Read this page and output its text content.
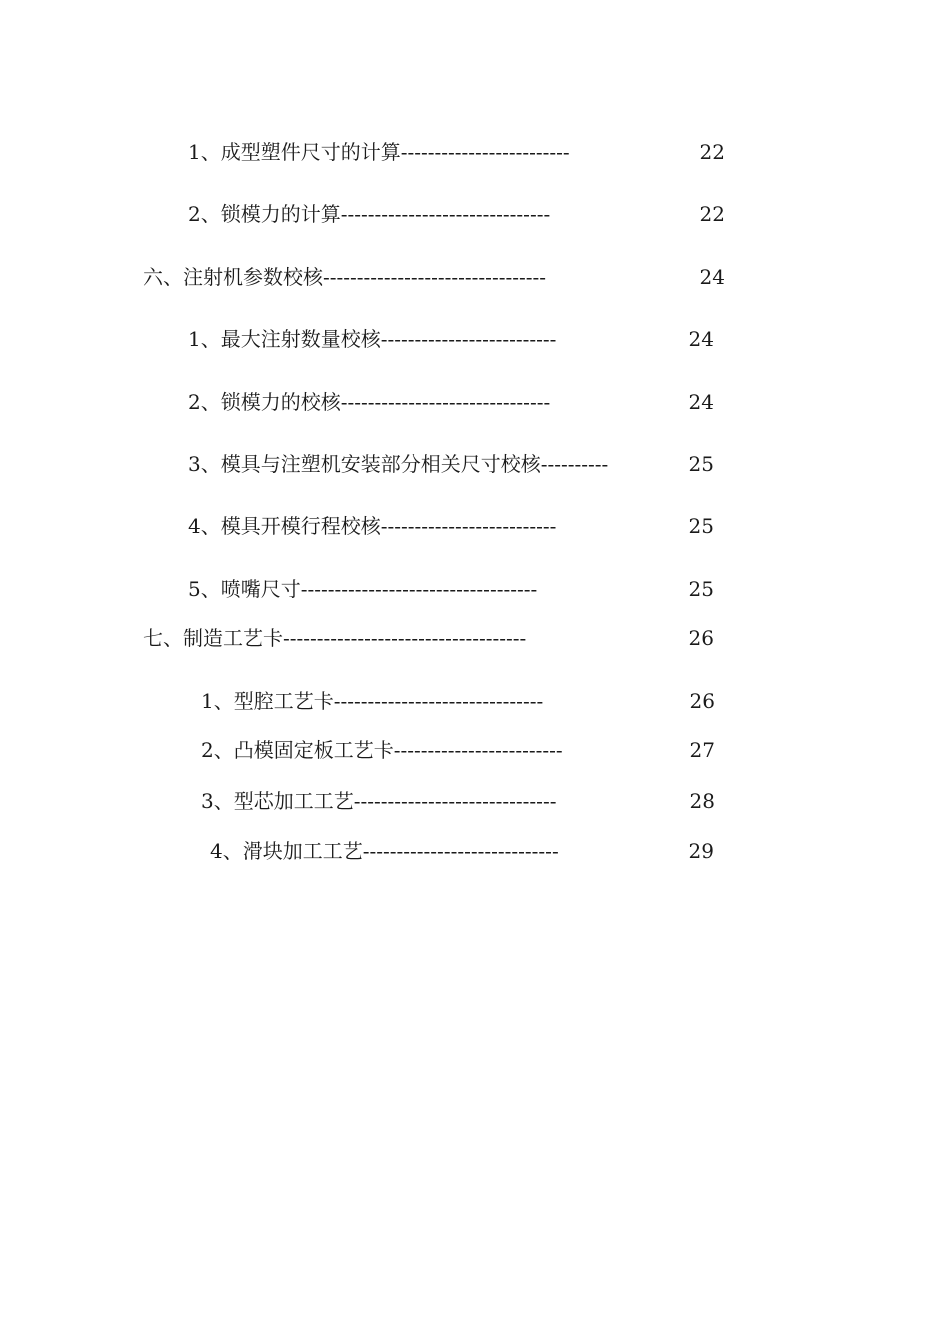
1、成型塑件尺寸的计算-------------------------	22
2、锁模力的计算-------------------------------	22
六、注射机参数校核---------------------------------	24
1、最大注射数量校核--------------------------	24
2、锁模力的校核-------------------------------	24
3、模具与注塑机安装部分相关尺寸校核----------	25
4、模具开模行程校核--------------------------	25
5、喷嘴尺寸-----------------------------------	25
七、制造工艺卡------------------------------------	26
1、型腔工艺卡-------------------------------	26
2、凸模固定板工艺卡-------------------------	27
3、型芯加工工艺------------------------------	28
4、滑块加工工艺-----------------------------	29
